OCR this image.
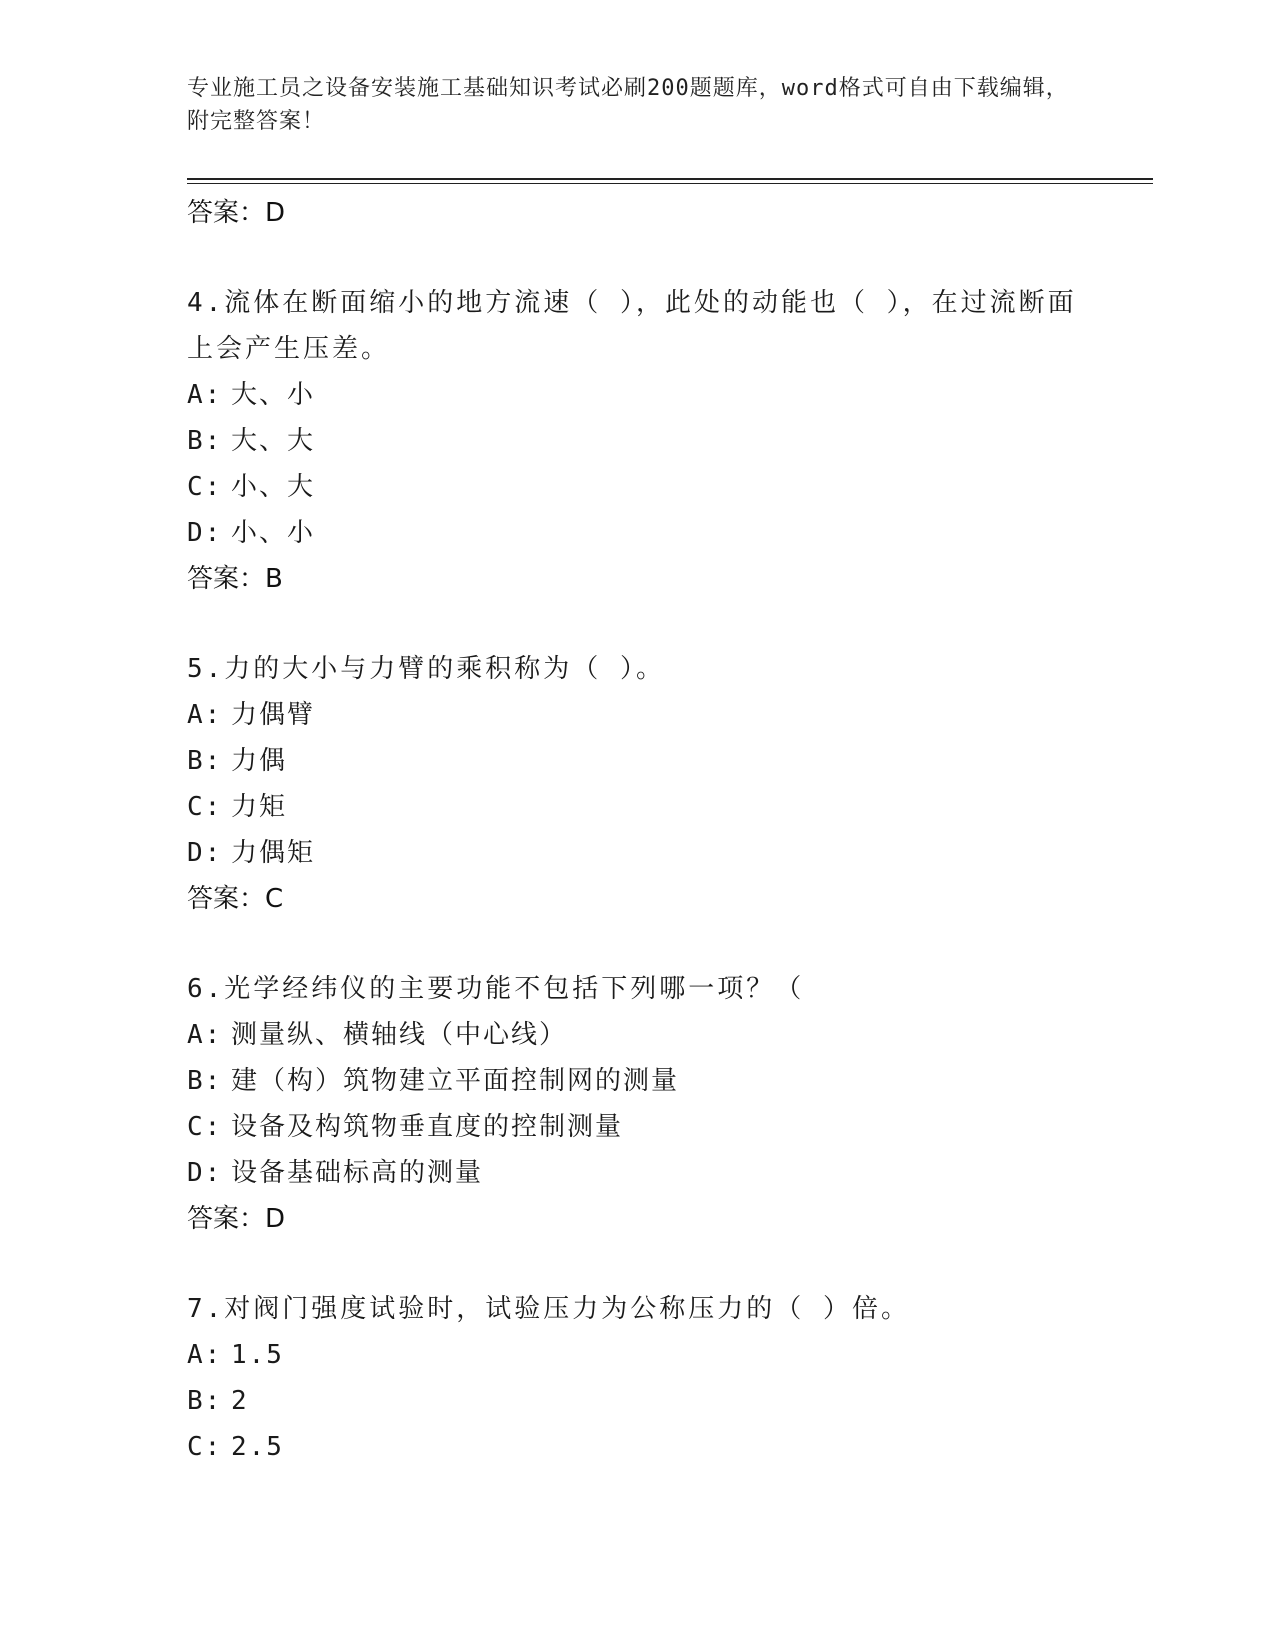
专业施工员之设备安装施工基础知识考试必刷200题题库，word格式可自由下载编辑，附完整答案！
答案：D
4.流体在断面缩小的地方流速（ ），此处的动能也（ ），在过流断面上会产生压差。
A: 大、小
B: 大、大
C: 小、大
D: 小、小
答案：B
5.力的大小与力臂的乘积称为（ ）。
A: 力偶臂
B: 力偶
C: 力矩
D: 力偶矩
答案：C
6.光学经纬仪的主要功能不包括下列哪一项？（
A: 测量纵、横轴线（中心线）
B: 建（构）筑物建立平面控制网的测量
C: 设备及构筑物垂直度的控制测量
D: 设备基础标高的测量
答案：D
7.对阀门强度试验时，试验压力为公称压力的（ ）倍。
A: 1.5
B: 2
C: 2.5
